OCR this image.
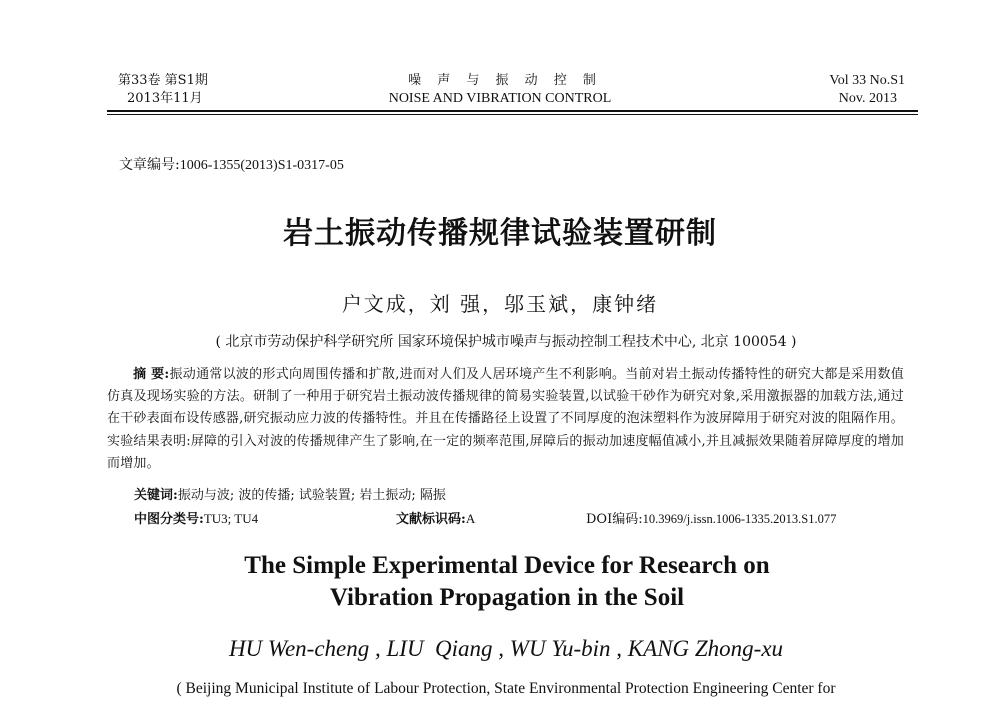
第33卷 第S1期
2013年11月
噪 声 与 振 动 控 制
NOISE AND VIBRATION CONTROL
Vol 33 No.S1
Nov. 2013
文章编号:1006-1355(2013)S1-0317-05
岩土振动传播规律试验装置研制
户文成，刘 强，邬玉斌，康钟绪
( 北京市劳动保护科学研究所 国家环境保护城市噪声与振动控制工程技术中心, 北京 100054 )
摘 要:振动通常以波的形式向周围传播和扩散,进而对人们及人居环境产生不利影响。当前对岩土振动传播特性的研究大都是采用数值仿真及现场实验的方法。研制了一种用于研究岩土振动波传播规律的简易实验装置,以试验干砂作为研究对象,采用激振器的加载方法,通过在干砂表面布设传感器,研究振动应力波的传播特性。并且在传播路径上设置了不同厚度的泡沫塑料作为波屏障用于研究对波的阻隔作用。实验结果表明:屏障的引入对波的传播规律产生了影响,在一定的频率范围,屏障后的振动加速度幅值减小,并且减振效果随着屏障厚度的增加而增加。
关键词:振动与波; 波的传播; 试验装置; 岩土振动; 隔振
中图分类号:TU3; TU4	文献标识码:A	DOI编码:10.3969/j.issn.1006-1335.2013.S1.077
The Simple Experimental Device for Research on
Vibration Propagation in the Soil
HU Wen-cheng , LIU  Qiang , WU Yu-bin , KANG Zhong-xu
( Beijing Municipal Institute of Labour Protection, State Environmental Protection Engineering Center for
